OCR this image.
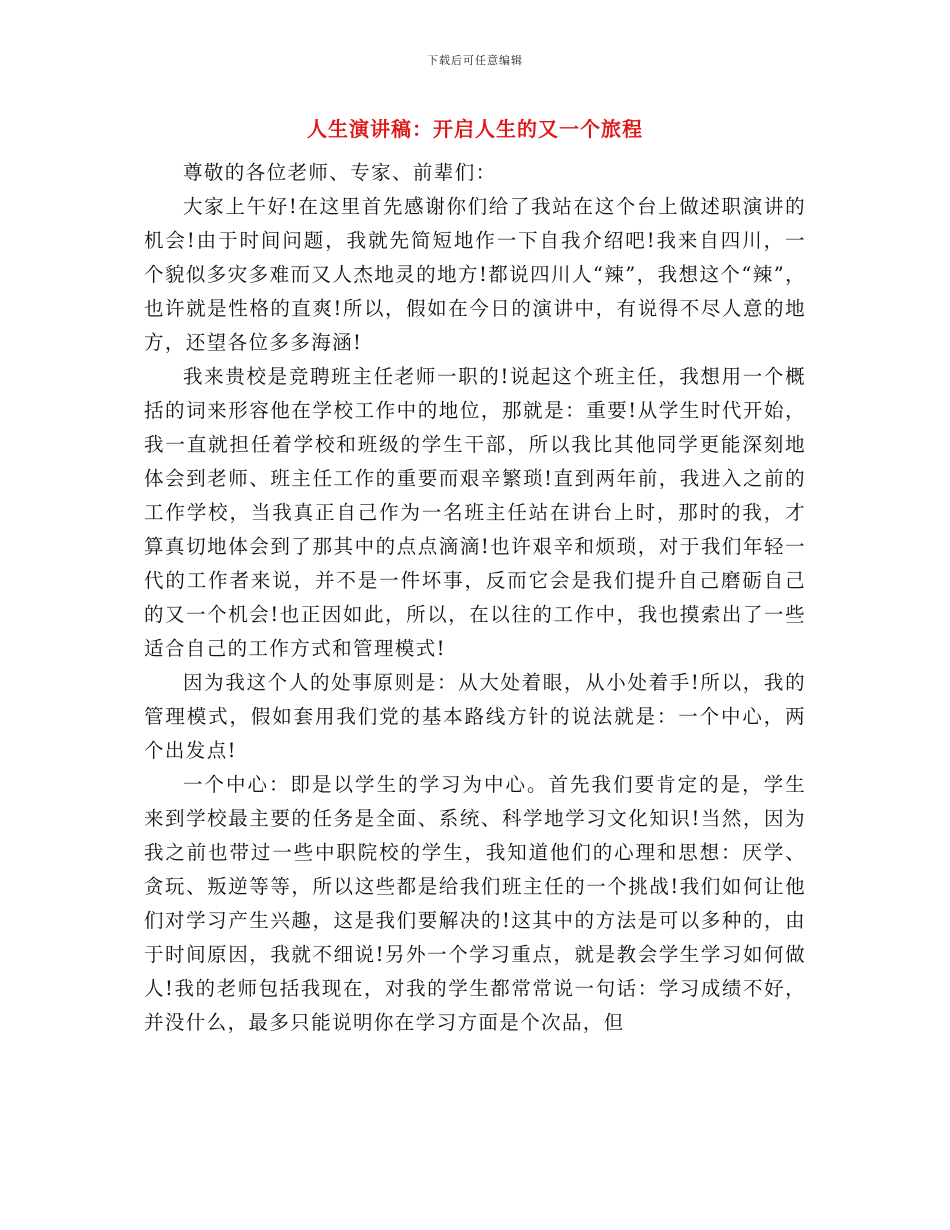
下载后可任意编辑
人生演讲稿：开启人生的又一个旅程

尊敬的各位老师、专家、前辈们：

大家上午好!在这里首先感谢你们给了我站在这个台上做述职演讲的机会!由于时间问题，我就先简短地作一下自我介绍吧!我来自四川，一个貌似多灾多难而又人杰地灵的地方!都说四川人“辣”，我想这个“辣”，也许就是性格的直爽!所以，假如在今日的演讲中，有说得不尽人意的地方，还望各位多多海涵!

我来贵校是竞聘班主任老师一职的!说起这个班主任，我想用一个概括的词来形容他在学校工作中的地位，那就是：重要!从学生时代开始，我一直就担任着学校和班级的学生干部，所以我比其他同学更能深刻地体会到老师、班主任工作的重要而艰辛繁琐!直到两年前，我进入之前的工作学校，当我真正自己作为一名班主任站在讲台上时，那时的我，才算真切地体会到了那其中的点点滴滴!也许艰辛和烦琐，对于我们年轻一代的工作者来说，并不是一件坏事，反而它会是我们提升自己磨砺自己的又一个机会!也正因如此，所以，在以往的工作中，我也摸索出了一些适合自己的工作方式和管理模式!

因为我这个人的处事原则是：从大处着眼，从小处着手!所以，我的管理模式，假如套用我们党的基本路线方针的说法就是：一个中心，两个出发点!

一个中心：即是以学生的学习为中心。首先我们要肯定的是，学生来到学校最主要的任务是全面、系统、科学地学习文化知识!当然，因为我之前也带过一些中职院校的学生，我知道他们的心理和思想：厌学、贪玩、叛逆等等，所以这些都是给我们班主任的一个挑战!我们如何让他们对学习产生兴趣，这是我们要解决的!这其中的方法是可以多种的，由于时间原因，我就不细说!另外一个学习重点，就是教会学生学习如何做人!我的老师包括我现在，对我的学生都常常说一句话：学习成绩不好，并没什么，最多只能说明你在学习方面是个次品，但
